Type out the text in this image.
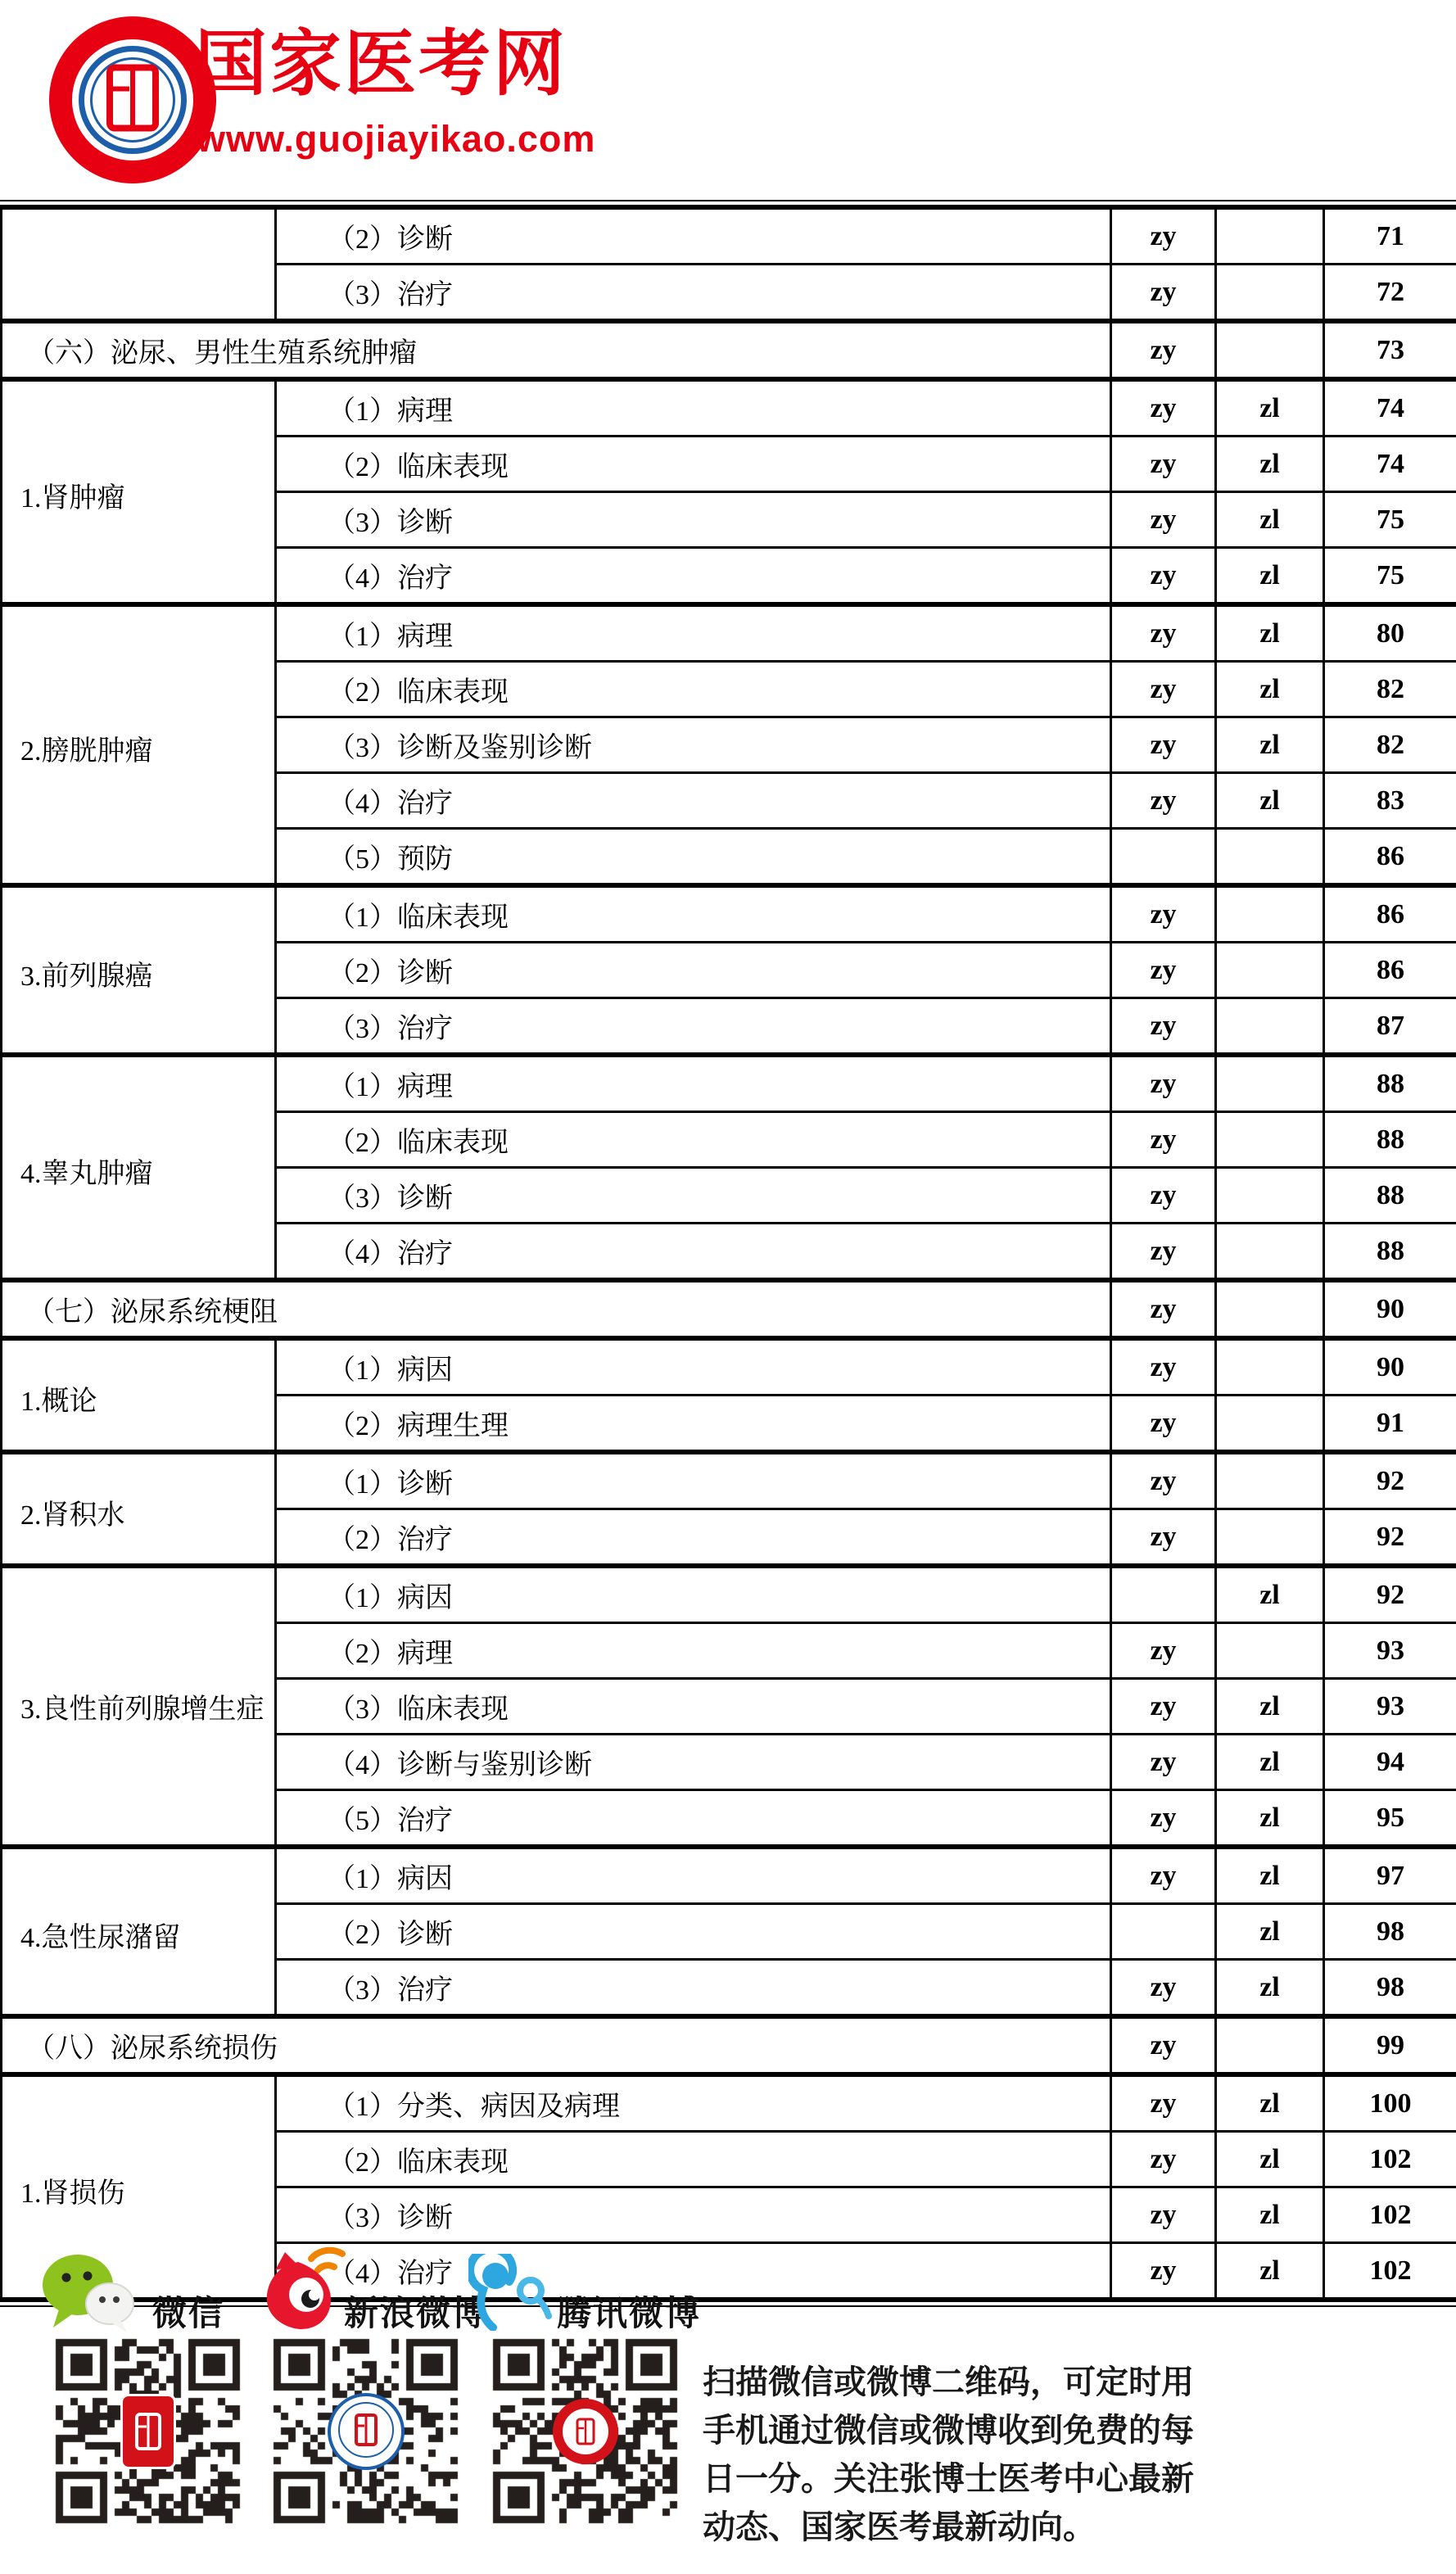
国家医考网
www.guojiayikao.com
	（2）诊断	zy		71
	（3）治疗	zy		72
（六）泌尿、男性生殖系统肿瘤		zy		73
1.肾肿瘤	（1）病理	zy	zl	74
	（2）临床表现	zy	zl	74
	（3）诊断	zy	zl	75
	（4）治疗	zy	zl	75
2.膀胱肿瘤	（1）病理	zy	zl	80
	（2）临床表现	zy	zl	82
	（3）诊断及鉴别诊断	zy	zl	82
	（4）治疗	zy	zl	83
	（5）预防			86
3.前列腺癌	（1）临床表现	zy		86
	（2）诊断	zy		86
	（3）治疗	zy		87
4.睾丸肿瘤	（1）病理	zy		88
	（2）临床表现	zy		88
	（3）诊断	zy		88
	（4）治疗	zy		88
（七）泌尿系统梗阻		zy		90
1.概论	（1）病因	zy		90
	（2）病理生理	zy		91
2.肾积水	（1）诊断	zy		92
	（2）治疗	zy		92
3.良性前列腺增生症	（1）病因		zl	92
	（2）病理	zy		93
	（3）临床表现	zy	zl	93
	（4）诊断与鉴别诊断	zy	zl	94
	（5）治疗	zy	zl	95
4.急性尿潴留	（1）病因	zy	zl	97
	（2）诊断		zl	98
	（3）治疗	zy	zl	98
（八）泌尿系统损伤		zy		99
1.肾损伤	（1）分类、病因及病理	zy	zl	100
	（2）临床表现	zy	zl	102
	（3）诊断	zy	zl	102
	（4）治疗	zy	zl	102
微信	新浪微博 腾讯微博
扫描微信或微博二维码，可定时用
手机通过微信或微博收到免费的每
日一分。关注张博士医考中心最新
动态、国家医考最新动向。
